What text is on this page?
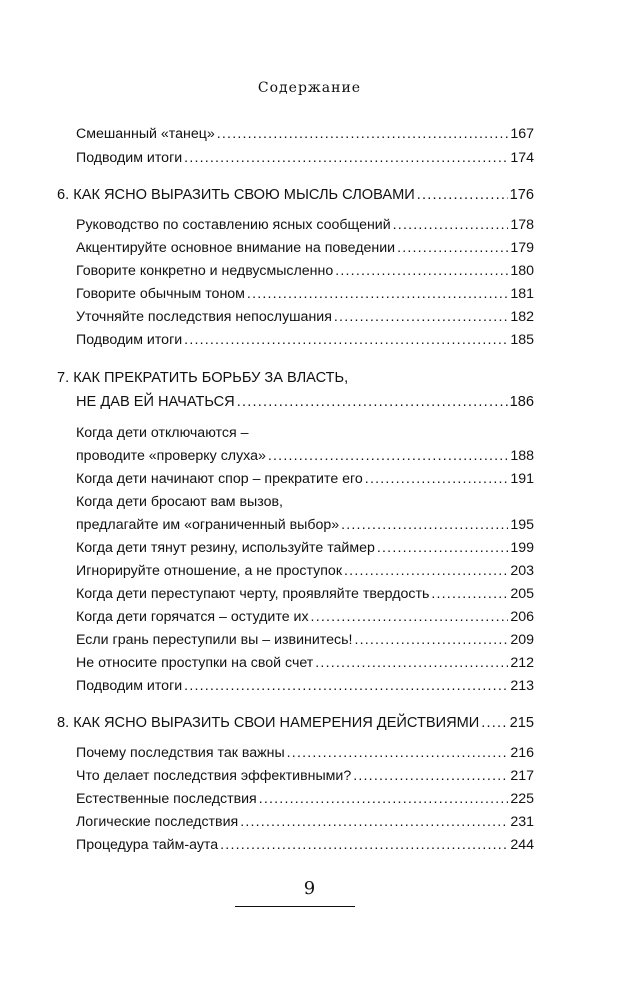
Содержание
Смешанный «танец» .....	167
Подводим итоги .....	174
6. КАК ЯСНО ВЫРАЗИТЬ СВОЮ МЫСЛЬ СЛОВАМИ .....	176
Руководство по составлению ясных сообщений .....	178
Акцентируйте основное внимание на поведении .....	179
Говорите конкретно и недвусмысленно .....	180
Говорите обычным тоном .....	181
Уточняйте последствия непослушания .....	182
Подводим итоги .....	185
7. КАК ПРЕКРАТИТЬ БОРЬБУ ЗА ВЛАСТЬ,
НЕ ДАВ ЕЙ НАЧАТЬСЯ .....	186
Когда дети отключаются –
проводите «проверку слуха» .....	188
Когда дети начинают спор – прекратите его .....	191
Когда дети бросают вам вызов,
предлагайте им «ограниченный выбор» .....	195
Когда дети тянут резину, используйте таймер .....	199
Игнорируйте отношение, а не проступок .....	203
Когда дети переступают черту, проявляйте твердость .....	205
Когда дети горячатся – остудите их .....	206
Если грань переступили вы – извинитесь! .....	209
Не относите проступки на свой счет .....	212
Подводим итоги .....	213
8. КАК ЯСНО ВЫРАЗИТЬ СВОИ НАМЕРЕНИЯ ДЕЙСТВИЯМИ ..... 215
Почему последствия так важны .....	216
Что делает последствия эффективными? .....	217
Естественные последствия .....	225
Логические последствия .....	231
Процедура тайм-аута .....	244
9
